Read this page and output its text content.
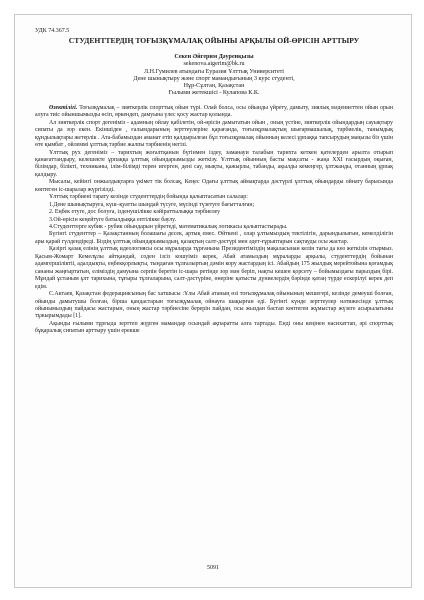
УДК 74.367.5
СТУДЕНТТЕРДІҢ ТОҒЫЗҚҰМАЛАҚ ОЙЫНЫ АРҚЫЛЫ ОЙ-ӨРІСІН АРТТЫРУ
Секен Әйгерим Дәуренқызы
sekenova.aigerim@bk.ru
Л.Н.Гумилев атындағы Еуразия Ұлттық Университеті
Дене шынықтыру және спорт мамандығының 3 курс студенті,
Нұр-Сұлтан, Қазақстан
Ғылыми жетекшісі - Кулапова К.К.

Өзектілігі. Тоғызқұмалақ – зияткерлік спорттық ойын түрі. Олай болса, осы ойынды үйрету, дамыту, зиялық мәдениеттен ойын орын алуға тиіс ойыншымызды өсіп, өркендеп, дамуына үлес қосу жастар қолында.

Ал зияткерлік спорт дегеніміз - адамның ойлау қабілетін, ой-өрісін дамытатын ойын , оның үстіне, зияткерлік ойындардың сауықтыру сипаты да зор екен. Екіншіден , ғалымдарының зерттеулеріне қарағанда, тоғызқұмалақтың шығармашылық, тәрбиелік, танымдық құндылықтары жетерлік . Ата-бабамыздан аманат етіп қалдырылған бұл тоғызқұмалақ ойынның келесі ұрпаққа тапсырудың маңызы біз үшін өте қымбат , ойлеммі ұлттық тәрбие жалпы тәрбиенің негізі.

Ұлттық рух дегеніміз – тарихтың жоғалтқанын бүгінмен іздеу, заманауи талабын тарихта кеткен қателерден арылта отырып қанағаттандыру, келешекте ұрпаққа ұлттық ойындарымызды жеткізу. Ұлттық ойынның басты мақсаты - жаңа ХХІ ғасырдың оқыған, білімдар, білікті, техниканы, ілім-білімді терен игерген, дені сау, мықты, қажырлы, табанды, ақылды кемеңгер, ұлтжанды, отанның ұрпақ қалдыру.

Мысалы, кейінгі онжылдықтарға үкімет тік болсақ, Кеңес Одағы ұлттық аймақтарда дәстүрлі ұлттық ойындарды ойнату барысында көптеген іс-шаралар жүргізілді.

Ұлттық тәрбиені тарату кезінде студенттердің бойында қалыптасатын салалар:

1.Дене шынықтыруға, күш–қуатты шыңдай түсуге, мүсінді түзетуге бағытталған;

2. Еңбек етуге, дос болуға, ізденушілікке кәйіраттылыққа тәрбиелеу

3.Ой-өрісін кеңейтуге батылдыққа ептілікке баулу.

4.Студенттерге кубик - рубик ойындарын үйретеді, математикалық логикасы қалыптастырады.

Бүгінгі студенттер – Қазақстанның болашағы десек, артық емес. Өйткені , олар ұлтымыздың тектілігін, дарындылығын, кемелділігін ары қарай гүлдендіреді. Біздің ұлттық ойындарымыздың, қазақтың салт-дәстүрі мен әдет-ғұрыптарын сақтауды осы жастар.

Қазіргі қазақ елінің ұлттық идеологиясы осы мұраларда тұрғанына Президентіміздің мақаласынан келін тағы да көз жеткізін отырмыз. Қасым-Жомарт Кемелұлы айтқандай, соден ізсіз кошуіміз керек, Абай атамыздың мұраларды арқылы, студенттердің бойынан адамгершіліктіі, адалдықты, еңбекқорлықты, тыңдаған тұлғалыртың дәмін кору жастардың ісі. Абайдың 175 жылдық мерейтойына қоғамдық сананы жаңғыртатын, еліміздің дамуына серпін беретін іс-шара ретінде зор мән беріп, нақты кешен қорсету – бойымыздағы парыздың бірі. Мұндай ұстаным ұлт тарихына, тұғыры тұлғаларына, салт-дәстүріне, өнеріне қатысты дүниелердің бәрінде қатаң түрде ескерілуі керек деп едім.

С.Актаев, Қазақстан федерациясының бас хатшысы :Ұлы Абай атаның өзі тоғызқұмалақ ойынының мешегері, кезінде демеуші болған, ойынды дамытушы болған, бірша қандастарын тоғызқұмалақ ойнауға шақырған еді. Бүгінгі күнде зерттеулер нәтижесінде ұлттық ойынымыздың пайдасы жастарын, оның жастар тәрбиесіне берерін пайдан, осы жыздан бастап көптеген жұмыстар жүзеге асырылатыны тұжырымдады [1].

Ақынды ғылыми тұрғыда зерттеп жүрген мамандар осындай ақпаратты алға тартады. Енді оны кеңінен насихаттап, әрі спорттық бұқаралық сипатын арттыру үшін ерекше

5091
